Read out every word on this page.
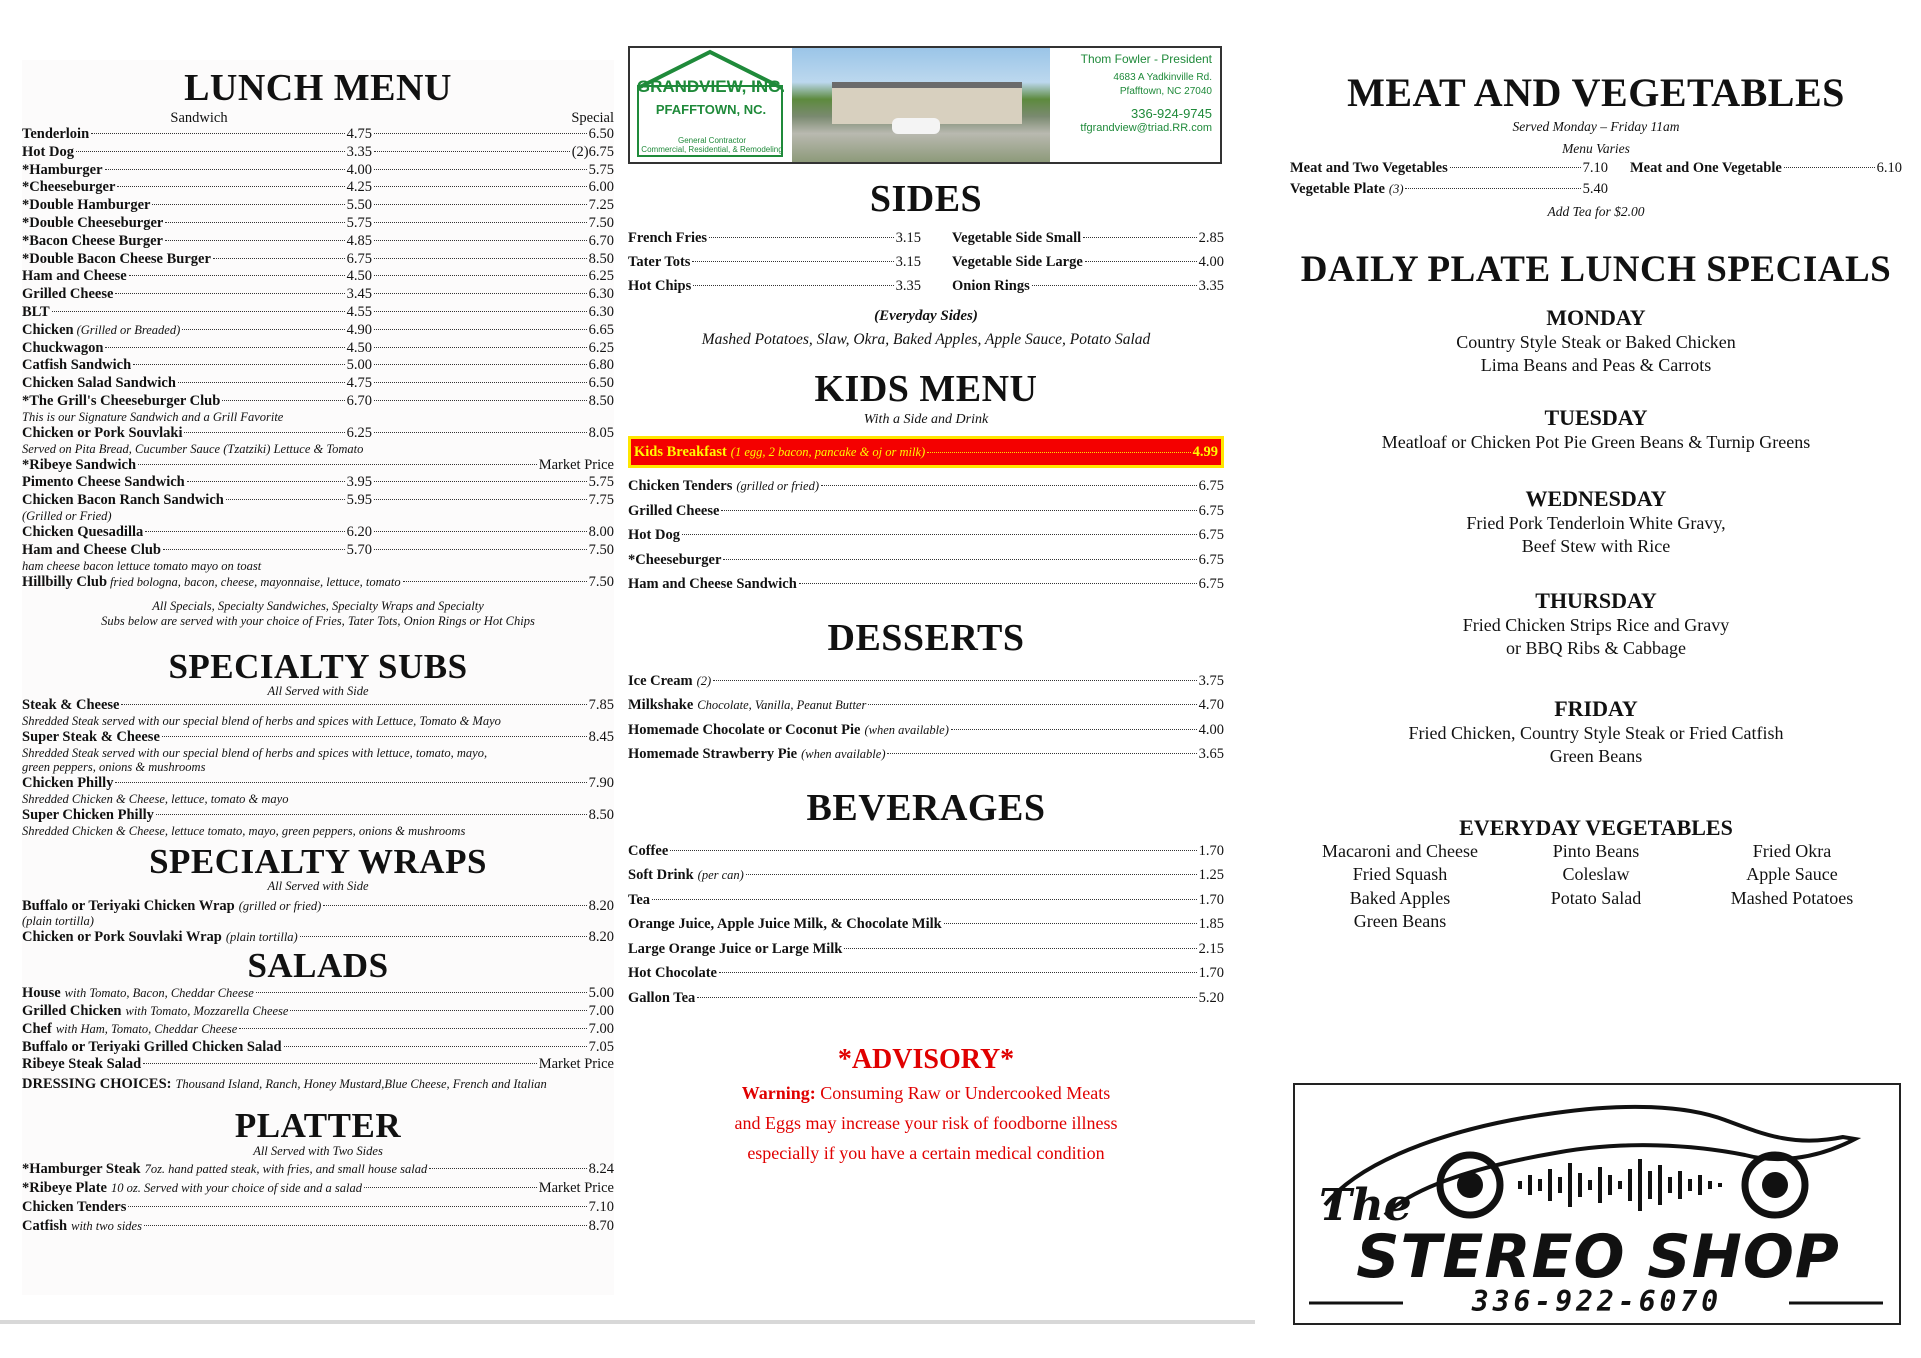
LUNCH MENU
Sandwich	Special
Tenderloin	4.75	6.50
Hot Dog	3.35	(2)6.75
*Hamburger	4.00	5.75
*Cheeseburger	4.25	6.00
*Double Hamburger	5.50	7.25
*Double Cheeseburger	5.75	7.50
*Bacon Cheese Burger	4.85	6.70
*Double Bacon Cheese Burger	6.75	8.50
Ham and Cheese	4.50	6.25
Grilled Cheese	3.45	6.30
BLT	4.55	6.30
Chicken (Grilled or Breaded)	4.90	6.65
Chuckwagon	4.50	6.25
Catfish Sandwich	5.00	6.80
Chicken Salad Sandwich	4.75	6.50
*The Grill's Cheeseburger Club	6.70	8.50
This is our Signature Sandwich and a Grill Favorite
Chicken or Pork Souvlaki	6.25	8.05
Served on Pita Bread, Cucumber Sauce (Tzatziki) Lettuce & Tomato
*Ribeye Sandwich	Market Price
Pimento Cheese Sandwich	3.95	5.75
Chicken Bacon Ranch Sandwich	5.95	7.75
(Grilled or Fried)
Chicken Quesadilla	6.20	8.00
Ham and Cheese Club	5.70	7.50
ham cheese bacon lettuce tomato mayo on toast
Hillbilly Club fried bologna, bacon, cheese, mayonnaise, lettuce, tomato	7.50

All Specials, Specialty Sandwiches, Specialty Wraps and Specialty

Subs below are served with your choice of Fries, Tater Tots, Onion Rings or Hot Chips

SPECIALTY SUBS

All Served with Side

Steak & Cheese	7.85
Shredded Steak served with our special blend of herbs and spices with Lettuce, Tomato & Mayo
Super Steak & Cheese	8.45
Shredded Steak served with our special blend of herbs and spices with lettuce, tomato, mayo,
green peppers, onions & mushrooms
Chicken Philly	7.90
Shredded Chicken & Cheese, lettuce, tomato & mayo
Super Chicken Philly	8.50
Shredded Chicken & Cheese, lettuce tomato, mayo, green peppers, onions & mushrooms
SPECIALTY WRAPS

All Served with Side

Buffalo or Teriyaki Chicken Wrap (grilled or fried)	8.20
(plain tortilla)
Chicken or Pork Souvlaki Wrap (plain tortilla)	8.20
SALADS
House with Tomato, Bacon, Cheddar Cheese	5.00
Grilled Chicken with Tomato, Mozzarella Cheese	7.00
Chef with Ham, Tomato, Cheddar Cheese	7.00
Buffalo or Teriyaki Grilled Chicken Salad	7.05
Ribeye Steak Salad	Market Price
DRESSING CHOICES: Thousand Island, Ranch, Honey Mustard,Blue Cheese, French and Italian
PLATTER

All Served with Two Sides

*Hamburger Steak 7oz. hand patted steak, with fries, and small house salad	8.24
*Ribeye Plate 10 oz. Served with your choice of side and a salad	Market Price
Chicken Tenders	7.10
Catfish with two sides	8.70
GRANDVIEW, INC.
PFAFFTOWN, NC.
General Contractor
Commercial, Residential, & Remodeling
Thom Fowler - President
4683 A Yadkinville Rd.
Pfafftown, NC 27040
336-924-9745
tfgrandview@triad.RR.com
SIDES
French Fries	3.15
Tater Tots	3.15
Hot Chips	3.35
Vegetable Side Small	2.85
Vegetable Side Large	4.00
Onion Rings	3.35

(Everyday Sides)

Mashed Potatoes, Slaw, Okra, Baked Apples, Apple Sauce, Potato Salad

KIDS MENU

With a Side and Drink

Kids Breakfast (1 egg, 2 bacon, pancake & oj or milk)	4.99
Chicken Tenders (grilled or fried)	6.75
Grilled Cheese	6.75
Hot Dog	6.75
*Cheeseburger	6.75
Ham and Cheese Sandwich	6.75
DESSERTS
Ice Cream (2)	3.75
Milkshake Chocolate, Vanilla, Peanut Butter	4.70
Homemade Chocolate or Coconut Pie (when available)	4.00
Homemade Strawberry Pie (when available)	3.65
BEVERAGES
Coffee	1.70
Soft Drink (per can)	1.25
Tea	1.70
Orange Juice, Apple Juice Milk, & Chocolate Milk	1.85
Large Orange Juice or Large Milk	2.15
Hot Chocolate	1.70
Gallon Tea	5.20
*ADVISORY*
Warning: Consuming Raw or Undercooked Meats
and Eggs may increase your risk of foodborne illness
especially if you have a certain medical condition
MEAT AND VEGETABLES

Served Monday – Friday 11am

Menu Varies

Meat and Two Vegetables	7.10 Meat and One Vegetable	6.10
Vegetable Plate (3)	5.40

Add Tea for $2.00

DAILY PLATE LUNCH SPECIALS
MONDAY

Country Style Steak or Baked Chicken

Lima Beans and Peas & Carrots

TUESDAY

Meatloaf or Chicken Pot Pie Green Beans & Turnip Greens

WEDNESDAY

Fried Pork Tenderloin White Gravy,

Beef Stew with Rice

THURSDAY

Fried Chicken Strips Rice and Gravy

or BBQ Ribs & Cabbage

FRIDAY

Fried Chicken, Country Style Steak or Fried Catfish

Green Beans

EVERYDAY VEGETABLES
Macaroni and Cheese
Fried Squash
Baked Apples
Green Beans
Pinto Beans
Coleslaw
Potato Salad
Fried Okra
Apple Sauce
Mashed Potatoes
The
STEREO SHOP
336-922-6070
